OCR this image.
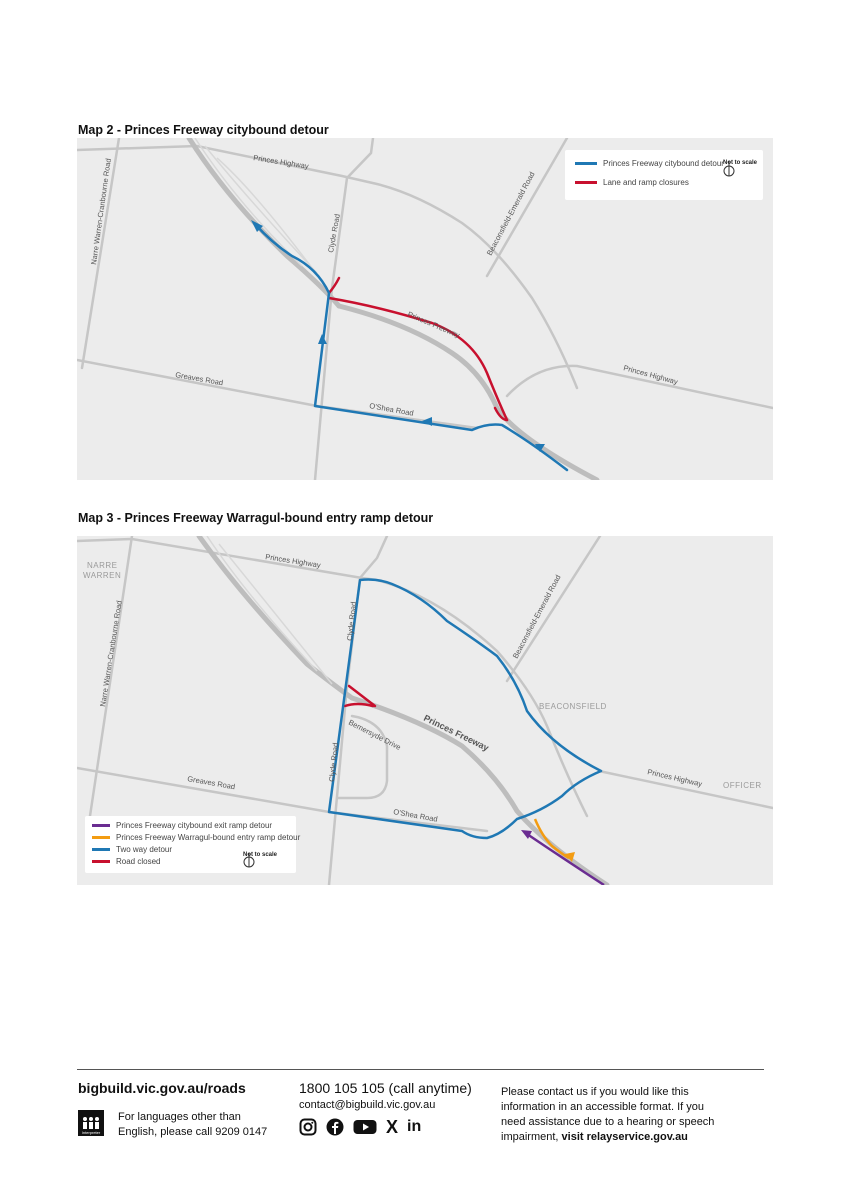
Map 2 - Princes Freeway citybound detour
Princes Highway
Clyde Road
Narre Warren-Cranbourne Road	Beaconsfield-Emerald Road
Princes Freeway
Greaves Road
O'Shea Road
Princes Highway
Princes Freeway citybound detour
Lane and ramp closures
Not to scale
Map 3 - Princes Freeway Warragul-bound entry ramp detour
Princes Highway
Clyde Road
Clyde Road
Narre Warren-Cranbourne Road	Beaconsfield-Emerald Road
Princes Freeway
Bemersyde Drive
Greaves Road
O'Shea Road
Princes Highway
NARRE
WARREN
BEACONSFIELD
OFFICER
Princes Freeway citybound exit ramp detour
Princes Freeway Warragul-bound entry ramp detour
Two way detour
Road closed
Not to scale
bigbuild.vic.gov.au/roads
Interpreter
For languages other than
English, please call 9209 0147
1800 105 105 (call anytime)
contact@bigbuild.vic.gov.au
X in
Please contact us if you would like this
information in an accessible format. If you
need assistance due to a hearing or speech
impairment, visit relayservice.gov.au
